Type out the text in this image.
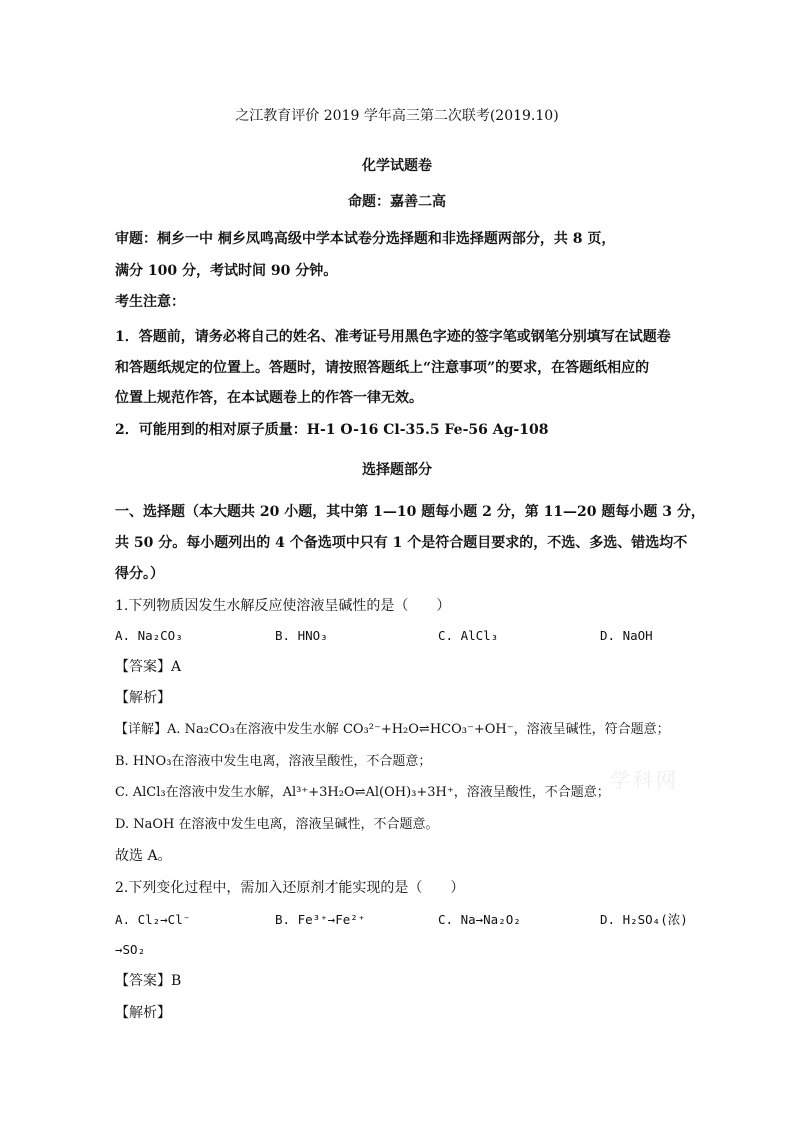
学科网
之江教育评价 2019 学年高三第二次联考(2019.10)
化学试题卷
命题：嘉善二高
审题：桐乡一中 桐乡凤鸣高级中学本试卷分选择题和非选择题两部分，共 8 页，
满分 100 分，考试时间 90 分钟。
考生注意：
1．答题前，请务必将自己的姓名、准考证号用黑色字迹的签字笔或钢笔分别填写在试题卷
和答题纸规定的位置上。答题时，请按照答题纸上“注意事项”的要求，在答题纸相应的
位置上规范作答，在本试题卷上的作答一律无效。
2．可能用到的相对原子质量：H-1 O-16 Cl-35.5 Fe-56 Ag-108
选择题部分
一、选择题（本大题共 20 小题，其中第 1—10 题每小题 2 分，第 11—20 题每小题 3 分，
共 50 分。每小题列出的 4 个备选项中只有 1 个是符合题目要求的，不选、多选、错选均不
得分。）
1.下列物质因发生水解反应使溶液呈碱性的是（　　）
A. Na₂CO₃	B. HNO₃	C. AlCl₃	D. NaOH
【答案】A
【解析】
【详解】A. Na₂CO₃在溶液中发生水解 CO₃²⁻+H₂O⇌HCO₃⁻+OH⁻，溶液呈碱性，符合题意；
B. HNO₃在溶液中发生电离，溶液呈酸性，不合题意；
C. AlCl₃在溶液中发生水解，Al³⁺+3H₂O⇌Al(OH)₃+3H⁺，溶液呈酸性，不合题意；
D. NaOH 在溶液中发生电离，溶液呈碱性，不合题意。
故选 A。
2.下列变化过程中，需加入还原剂才能实现的是（　　）
A. Cl₂→Cl⁻	B. Fe³⁺→Fe²⁺	C. Na→Na₂O₂	D. H₂SO₄(浓)
→SO₂
【答案】B
【解析】
